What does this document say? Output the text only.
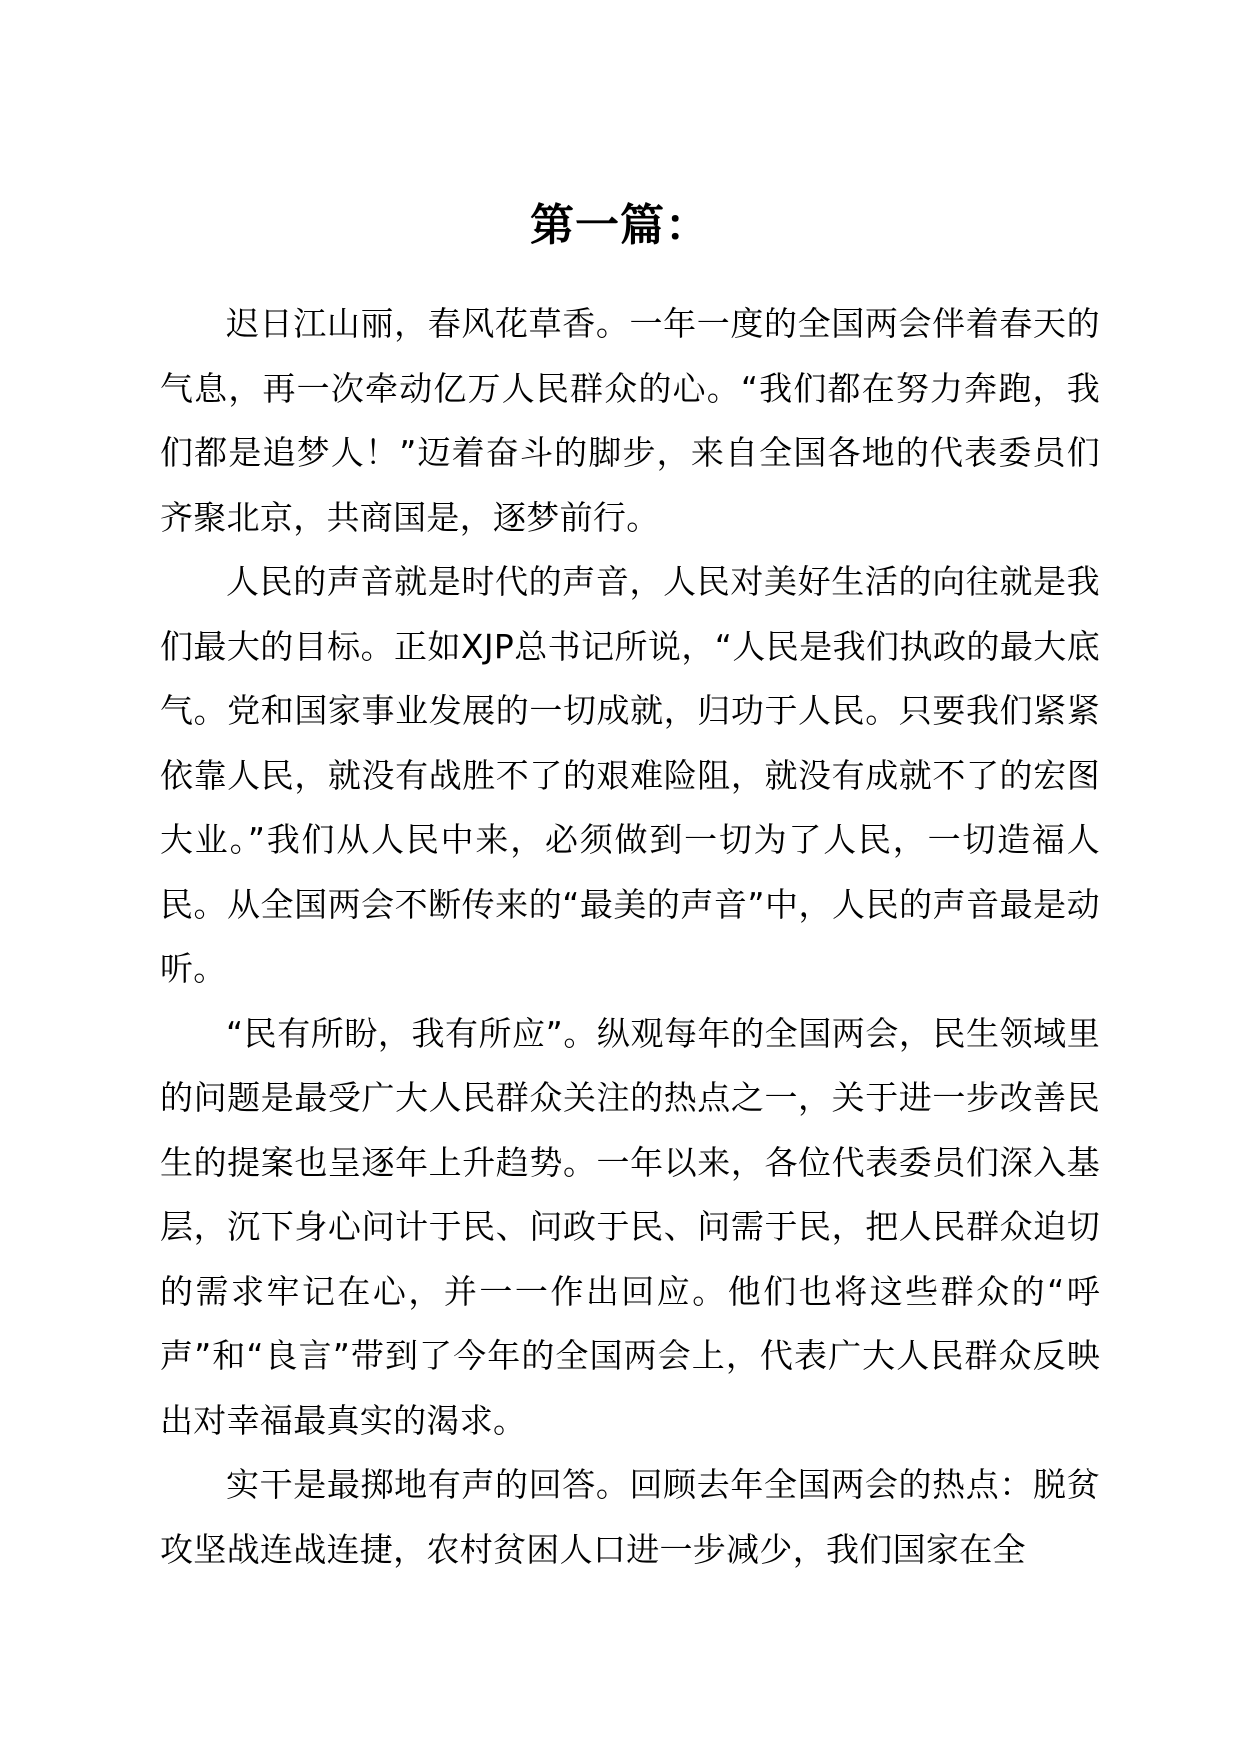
第一篇：

迟日江山丽，春风花草香。一年一度的全国两会伴着春天的气息，再一次牵动亿万人民群众的心。“我们都在努力奔跑，我们都是追梦人！”迈着奋斗的脚步，来自全国各地的代表委员们齐聚北京，共商国是，逐梦前行。

人民的声音就是时代的声音，人民对美好生活的向往就是我们最大的目标。正如XJP总书记所说，“人民是我们执政的最大底气。党和国家事业发展的一切成就，归功于人民。只要我们紧紧依靠人民，就没有战胜不了的艰难险阻，就没有成就不了的宏图大业。”我们从人民中来，必须做到一切为了人民，一切造福人民。从全国两会不断传来的“最美的声音”中，人民的声音最是动听。

“民有所盼，我有所应”。纵观每年的全国两会，民生领域里的问题是最受广大人民群众关注的热点之一，关于进一步改善民生的提案也呈逐年上升趋势。一年以来，各位代表委员们深入基层，沉下身心问计于民、问政于民、问需于民，把人民群众迫切的需求牢记在心，并一一作出回应。他们也将这些群众的“呼声”和“良言”带到了今年的全国两会上，代表广大人民群众反映出对幸福最真实的渴求。

实干是最掷地有声的回答。回顾去年全国两会的热点：脱贫攻坚战连战连捷，农村贫困人口进一步减少，我们国家在全
